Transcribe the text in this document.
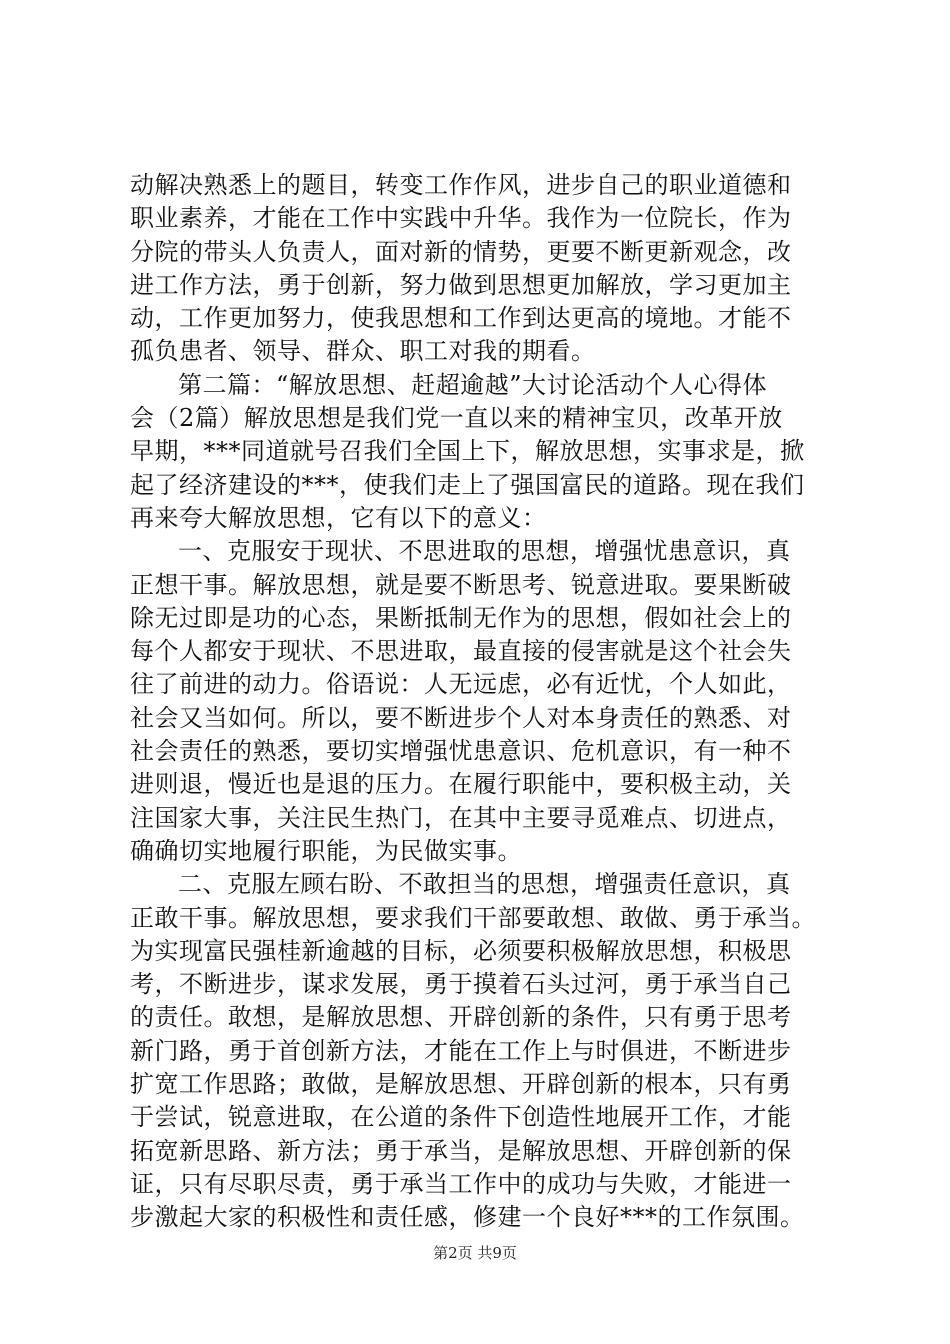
动解决熟悉上的题目，转变工作作风，进步自己的职业道德和
职业素养，才能在工作中实践中升华。我作为一位院长，作为
分院的带头人负责人，面对新的情势，更要不断更新观念，改
进工作方法，勇于创新，努力做到思想更加解放，学习更加主
动，工作更加努力，使我思想和工作到达更高的境地。才能不
孤负患者、领导、群众、职工对我的期看。
第二篇：“解放思想、赶超逾越”大讨论活动个人心得体
会（2篇）解放思想是我们党一直以来的精神宝贝，改革开放
早期，***同道就号召我们全国上下，解放思想，实事求是，掀
起了经济建设的***，使我们走上了强国富民的道路。现在我们
再来夸大解放思想，它有以下的意义：
一、克服安于现状、不思进取的思想，增强忧患意识，真
正想干事。解放思想，就是要不断思考、锐意进取。要果断破
除无过即是功的心态，果断抵制无作为的思想，假如社会上的
每个人都安于现状、不思进取，最直接的侵害就是这个社会失
往了前进的动力。俗语说：人无远虑，必有近忧，个人如此，
社会又当如何。所以，要不断进步个人对本身责任的熟悉、对
社会责任的熟悉，要切实增强忧患意识、危机意识，有一种不
进则退，慢近也是退的压力。在履行职能中，要积极主动，关
注国家大事，关注民生热门，在其中主要寻觅难点、切进点，
确确切实地履行职能，为民做实事。
二、克服左顾右盼、不敢担当的思想，增强责任意识，真
正敢干事。解放思想，要求我们干部要敢想、敢做、勇于承当。
为实现富民强桂新逾越的目标，必须要积极解放思想，积极思
考，不断进步，谋求发展，勇于摸着石头过河，勇于承当自己
的责任。敢想，是解放思想、开辟创新的条件，只有勇于思考
新门路，勇于首创新方法，才能在工作上与时俱进，不断进步
扩宽工作思路；敢做，是解放思想、开辟创新的根本，只有勇
于尝试，锐意进取，在公道的条件下创造性地展开工作，才能
拓宽新思路、新方法；勇于承当，是解放思想、开辟创新的保
证，只有尽职尽责，勇于承当工作中的成功与失败，才能进一
步激起大家的积极性和责任感，修建一个良好***的工作氛围。
第2页 共9页
